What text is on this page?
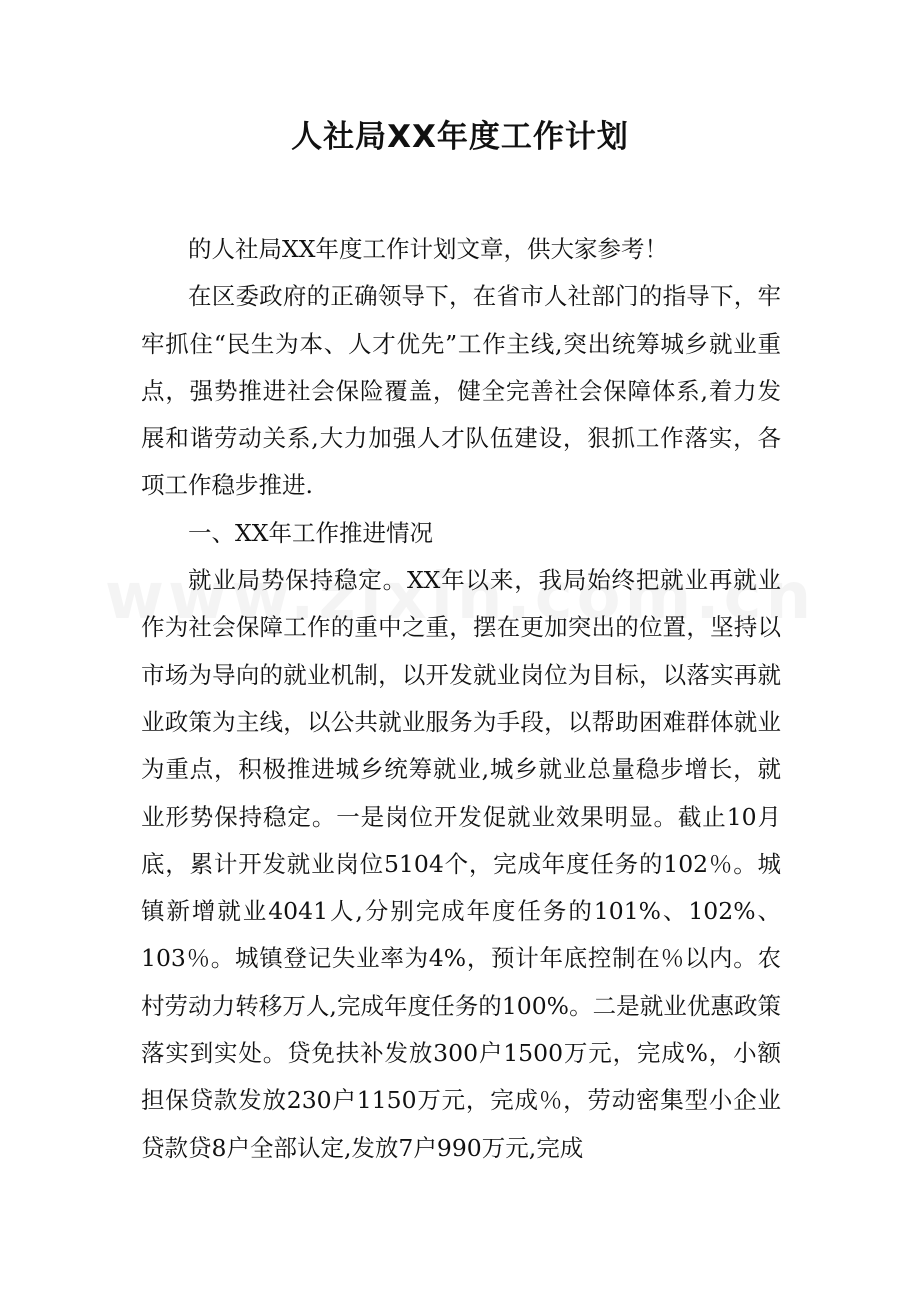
人社局XX年度工作计划

的人社局XX年度工作计划文章，供大家参考！

在区委政府的正确领导下，在省市人社部门的指导下，牢牢抓住“民生为本、人才优先”工作主线,突出统筹城乡就业重点，强势推进社会保险覆盖，健全完善社会保障体系,着力发展和谐劳动关系,大力加强人才队伍建设，狠抓工作落实，各项工作稳步推进.

一、XX年工作推进情况

就业局势保持稳定。XX年以来，我局始终把就业再就业作为社会保障工作的重中之重，摆在更加突出的位置，坚持以市场为导向的就业机制，以开发就业岗位为目标，以落实再就业政策为主线，以公共就业服务为手段，以帮助困难群体就业为重点，积极推进城乡统筹就业,城乡就业总量稳步增长，就业形势保持稳定。一是岗位开发促就业效果明显。截止10月底，累计开发就业岗位5104个，完成年度任务的102％。城镇新增就业4041人,分别完成年度任务的101%、102%、103％。城镇登记失业率为4%，预计年底控制在％以内。农村劳动力转移万人,完成年度任务的100%。二是就业优惠政策落实到实处。贷免扶补发放300户1500万元，完成%，小额担保贷款发放230户1150万元，完成％，劳动密集型小企业贷款贷8户全部认定,发放7户990万元,完成
